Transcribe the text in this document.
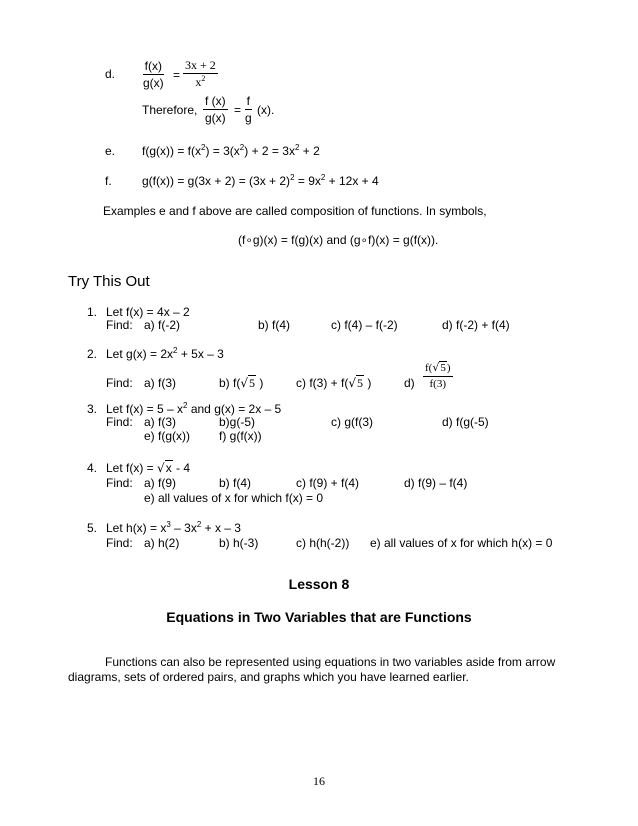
d. $\frac{f(x)}{g(x)} = \frac{3x + 2}{x^2}$
Therefore, $\frac{f (x)}{g(x)} = \frac{f}{g} (x)$.
e. $f(g(x)) = f(x^2) = 3(x^2) + 2 = 3x^2 + 2$
f.	$g(f(x)) = g(3x + 2) = (3x + 2)^2 = 9x^2 + 12x + 4$
Examples e and f above are called composition of functions. In symbols,
(f∘g)(x) = f(g)(x) and (g∘f)(x) = g(f(x)).
Try This Out
1. Let f(x) = 4x – 2
Find: a) f(-2)	b) f(4)	c) f(4) – f(-2)	d) f(-2) + f(4)
2. Let $g(x) = 2x^2 + 5x - 3$
Find: a) f(3)	b) f(√5 )	c) f(3) + f(√5 )	$d) \frac{f(√5)}{f(3)}$
3. Let $f(x) = 5 - x^2$ and g(x) = 2x – 5
Find: a) f(3)	b)g(-5)	c) g(f(3)	d) f(g(-5)
e) f(g(x)) f) g(f(x))
4. Let f(x) = √x - 4
Find: a) f(9)	b) f(4)	c) f(9) + f(4)	d) f(9) – f(4)
e) all values of x for which f(x) = 0
5. Let $h(x) = x^3 - 3x^2 + x - 3$
Find: a) h(2)	b) h(-3)	c) h(h(-2)) e) all values of x for which h(x) = 0
Lesson 8
Equations in Two Variables that are Functions
Functions can also be represented using equations in two variables aside from arrow
diagrams, sets of ordered pairs, and graphs which you have learned earlier.
16
